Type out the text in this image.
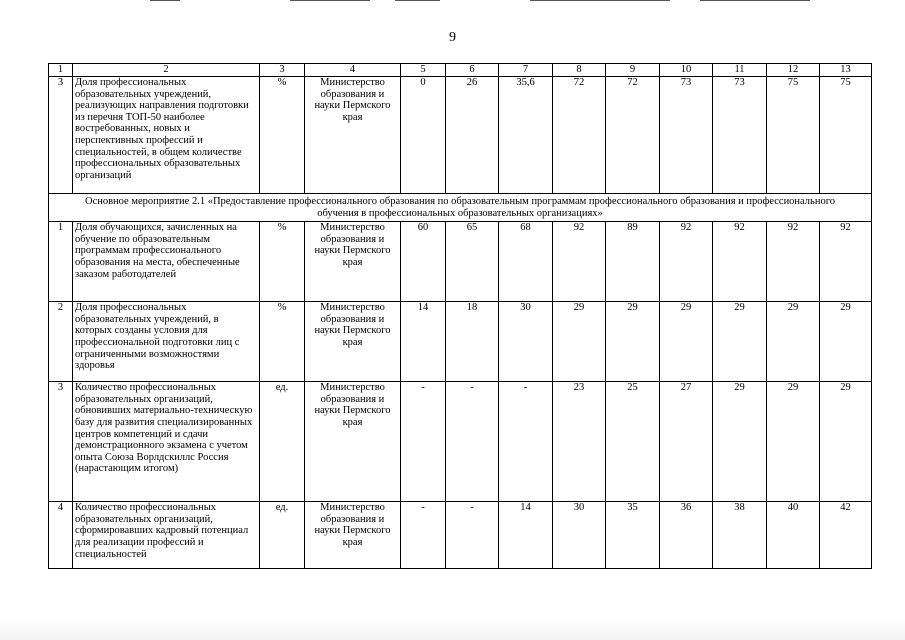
9
1	2	3	4	5	6	7	8	9	10	11	12	13
3	Доля профессиональных образовательных учреждений, реализующих направления подготовки из перечня ТОП-50 наиболее востребованных, новых и перспективных профессий и специальностей, в общем количестве профессиональных образовательных организаций	%	Министерство образования и науки Пермского края	0	26	35,6	72	72	73	73	75	75
Основное мероприятие 2.1 «Предоставление профессионального образования по образовательным программам профессионального образования и профессионального обучения в профессиональных образовательных организациях»												
1	Доля обучающихся, зачисленных на обучение по образовательным программам профессионального образования на места, обеспеченные заказом работодателей	%	Министерство образования и науки Пермского края	60	65	68	92	89	92	92	92	92
2	Доля профессиональных образовательных учреждений, в которых созданы условия для профессиональной подготовки лиц с ограниченными возможностями здоровья	%	Министерство образования и науки Пермского края	14	18	30	29	29	29	29	29	29
3	Количество профессиональных образовательных организаций, обновивших материально-техническую базу для развития специализированных центров компетенций и сдачи демонстрационного экзамена с учетом опыта Союза Ворлдскиллс Россия (нарастающим итогом)	ед.	Министерство образования и науки Пермского края	-	-	-	23	25	27	29	29	29
4	Количество профессиональных образовательных организаций, сформировавших кадровый потенциал для реализации профессий и специальностей	ед.	Министерство образования и науки Пермского края	-	-	14	30	35	36	38	40	42
